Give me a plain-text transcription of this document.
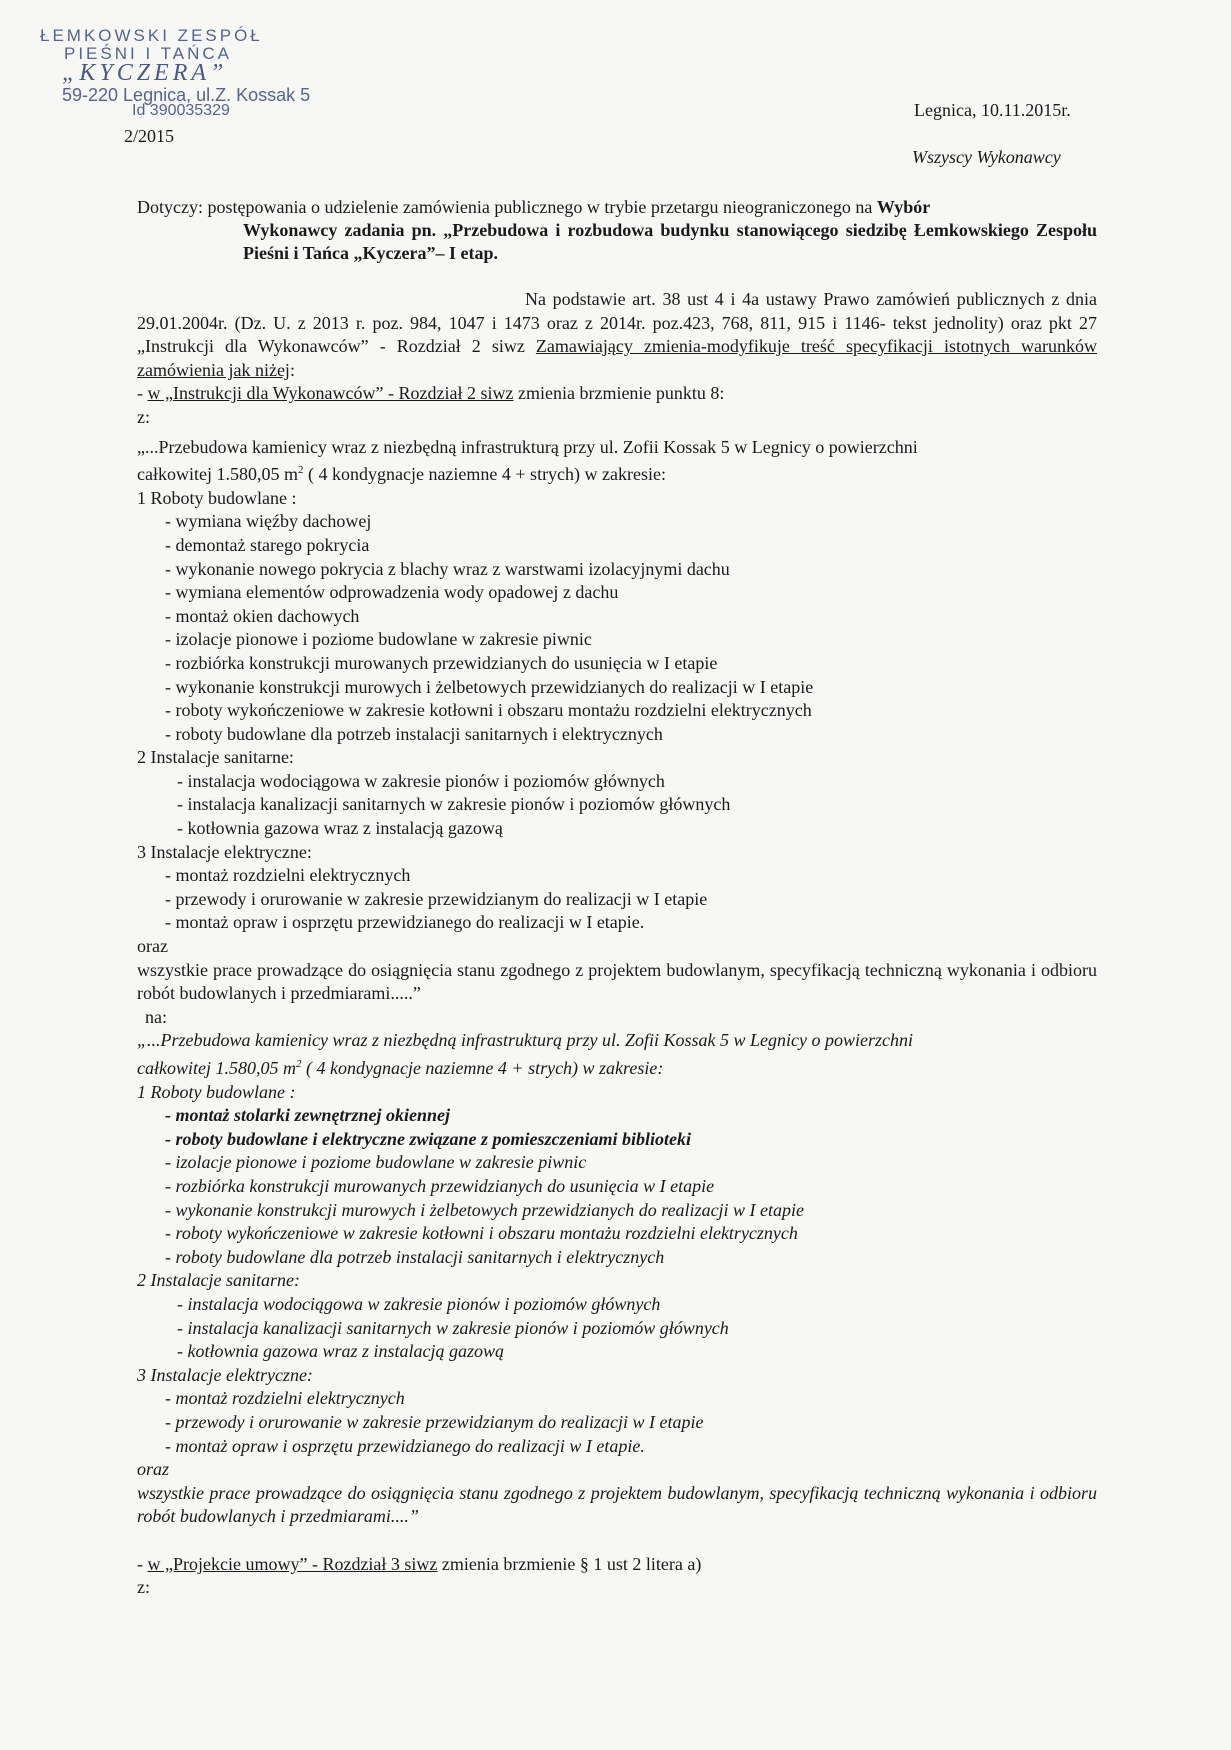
ŁEMKOWSKI ZESPÓŁ
PIEŚNI I TAŃCA
„KYCZERA”
59-220 Legnica, ul.Z. Kossak 5
Id 390035329
2/2015
Legnica, 10.11.2015r.
Wszyscy Wykonawcy
Dotyczy: postępowania o udzielenie zamówienia publicznego w trybie przetargu nieograniczonego na Wybór
Wykonawcy zadania pn. „Przebudowa i rozbudowa budynku stanowiącego siedzibę Łemkowskiego Zespołu Pieśni i Tańca „Kyczera”– I etap.

Na podstawie art. 38 ust 4 i 4a ustawy Prawo zamówień publicznych z dnia 29.01.2004r. (Dz. U. z 2013 r. poz. 984, 1047 i 1473 oraz z 2014r. poz.423, 768, 811, 915 i 1146- tekst jednolity) oraz pkt 27 „Instrukcji dla Wykonawców” - Rozdział 2 siwz Zamawiający zmienia-modyfikuje treść specyfikacji istotnych warunków zamówienia jak niżej:

- w „Instrukcji dla Wykonawców” - Rozdział 2 siwz zmienia brzmienie punktu 8:

z:

„...Przebudowa kamienicy wraz z niezbędną infrastrukturą przy ul. Zofii Kossak 5 w Legnicy o powierzchni

całkowitej 1.580,05 $m^2$ ( 4 kondygnacje naziemne 4 + strych) w zakresie:

1 Roboty budowlane :

- wymiana więźby dachowej

- demontaż starego pokrycia

- wykonanie nowego pokrycia z blachy wraz z warstwami izolacyjnymi dachu

- wymiana elementów odprowadzenia wody opadowej z dachu

- montaż okien dachowych

- izolacje pionowe i poziome budowlane w zakresie piwnic

- rozbiórka konstrukcji murowanych przewidzianych do usunięcia w I etapie

- wykonanie konstrukcji murowych i żelbetowych przewidzianych do realizacji w I etapie

- roboty wykończeniowe w zakresie kotłowni i obszaru montażu rozdzielni elektrycznych

- roboty budowlane dla potrzeb instalacji sanitarnych i elektrycznych

2 Instalacje sanitarne:

- instalacja wodociągowa w zakresie pionów i poziomów głównych

- instalacja kanalizacji sanitarnych w zakresie pionów i poziomów głównych

- kotłownia gazowa wraz z instalacją gazową

3 Instalacje elektryczne:

- montaż rozdzielni elektrycznych

- przewody i orurowanie w zakresie przewidzianym do realizacji w I etapie

- montaż opraw i osprzętu przewidzianego do realizacji w I etapie.

oraz

wszystkie prace prowadzące do osiągnięcia stanu zgodnego z projektem budowlanym, specyfikacją techniczną wykonania i odbioru robót budowlanych i przedmiarami.....”

na:

„...Przebudowa kamienicy wraz z niezbędną infrastrukturą przy ul. Zofii Kossak 5 w Legnicy o powierzchni

całkowitej 1.580,05 $m^2$ ( 4 kondygnacje naziemne 4 + strych) w zakresie:

1 Roboty budowlane :

- montaż stolarki zewnętrznej okiennej

- roboty budowlane i elektryczne związane z pomieszczeniami biblioteki

- izolacje pionowe i poziome budowlane w zakresie piwnic

- rozbiórka konstrukcji murowanych przewidzianych do usunięcia w I etapie

- wykonanie konstrukcji murowych i żelbetowych przewidzianych do realizacji w I etapie

- roboty wykończeniowe w zakresie kotłowni i obszaru montażu rozdzielni elektrycznych

- roboty budowlane dla potrzeb instalacji sanitarnych i elektrycznych

2 Instalacje sanitarne:

- instalacja wodociągowa w zakresie pionów i poziomów głównych

- instalacja kanalizacji sanitarnych w zakresie pionów i poziomów głównych

- kotłownia gazowa wraz z instalacją gazową

3 Instalacje elektryczne:

- montaż rozdzielni elektrycznych

- przewody i orurowanie w zakresie przewidzianym do realizacji w I etapie

- montaż opraw i osprzętu przewidzianego do realizacji w I etapie.

oraz

wszystkie prace prowadzące do osiągnięcia stanu zgodnego z projektem budowlanym, specyfikacją techniczną wykonania i odbioru robót budowlanych i przedmiarami....”

- w „Projekcie umowy” - Rozdział 3 siwz zmienia brzmienie § 1 ust 2 litera a)

z:
